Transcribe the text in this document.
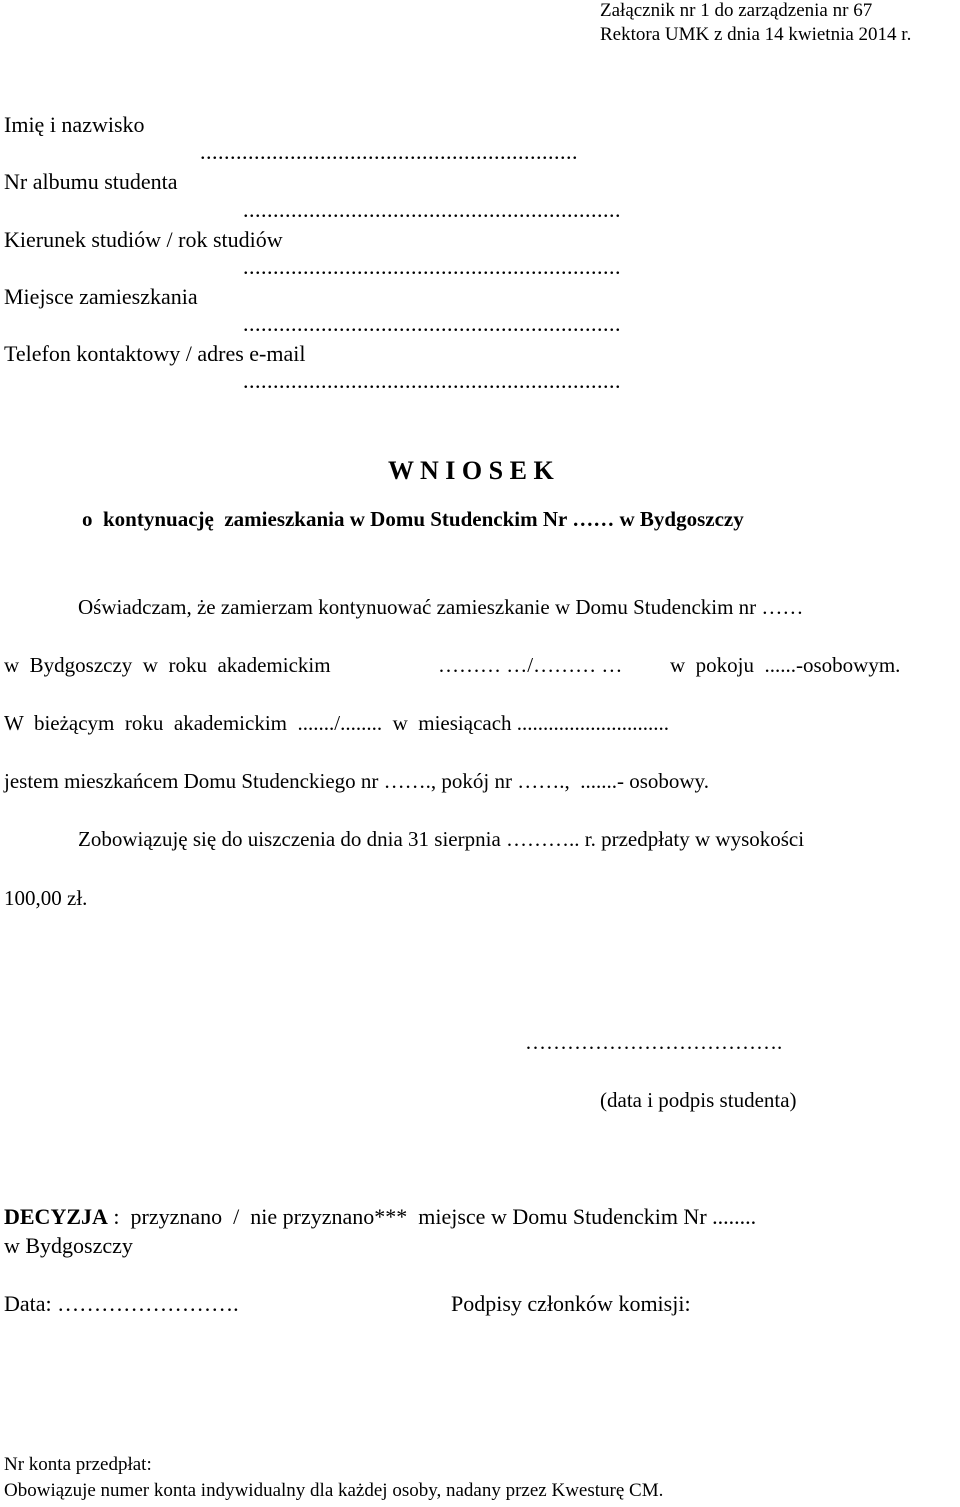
Załącznik nr 1 do zarządzenia nr 67
Rektora UMK z dnia 14 kwietnia 2014 r.
Imię i nazwisko
...............................................................
Nr albumu studenta
...............................................................
Kierunek studiów / rok studiów
...............................................................
Miejsce zamieszkania
...............................................................
Telefon kontaktowy / adres e-mail
...............................................................
W N I O S E K
o  kontynuację  zamieszkania w Domu Studenckim Nr …… w Bydgoszczy
Oświadczam, że zamierzam kontynuować zamieszkanie w Domu Studenckim nr ……
w  Bydgoszczy  w  roku  akademickim	……… …/……… … w  pokoju  ......-osobowym.
W  bieżącym  roku  akademickim  ......./........  w  miesiącach .............................
jestem mieszkańcem Domu Studenckiego nr ……., pokój nr …….,  .......- osobowy.
Zobowiązuję się do uiszczenia do dnia 31 sierpnia ……….. r. przedpłaty w wysokości
100,00 zł.
……………………………….
(data i podpis studenta)
DECYZJA :  przyznano  /  nie przyznano***  miejsce w Domu Studenckim Nr ........
w Bydgoszczy
Data: …………………….	Podpisy członków komisji:
Nr konta przedpłat:
Obowiązuje numer konta indywidualny dla każdej osoby, nadany przez Kwesturę CM.
